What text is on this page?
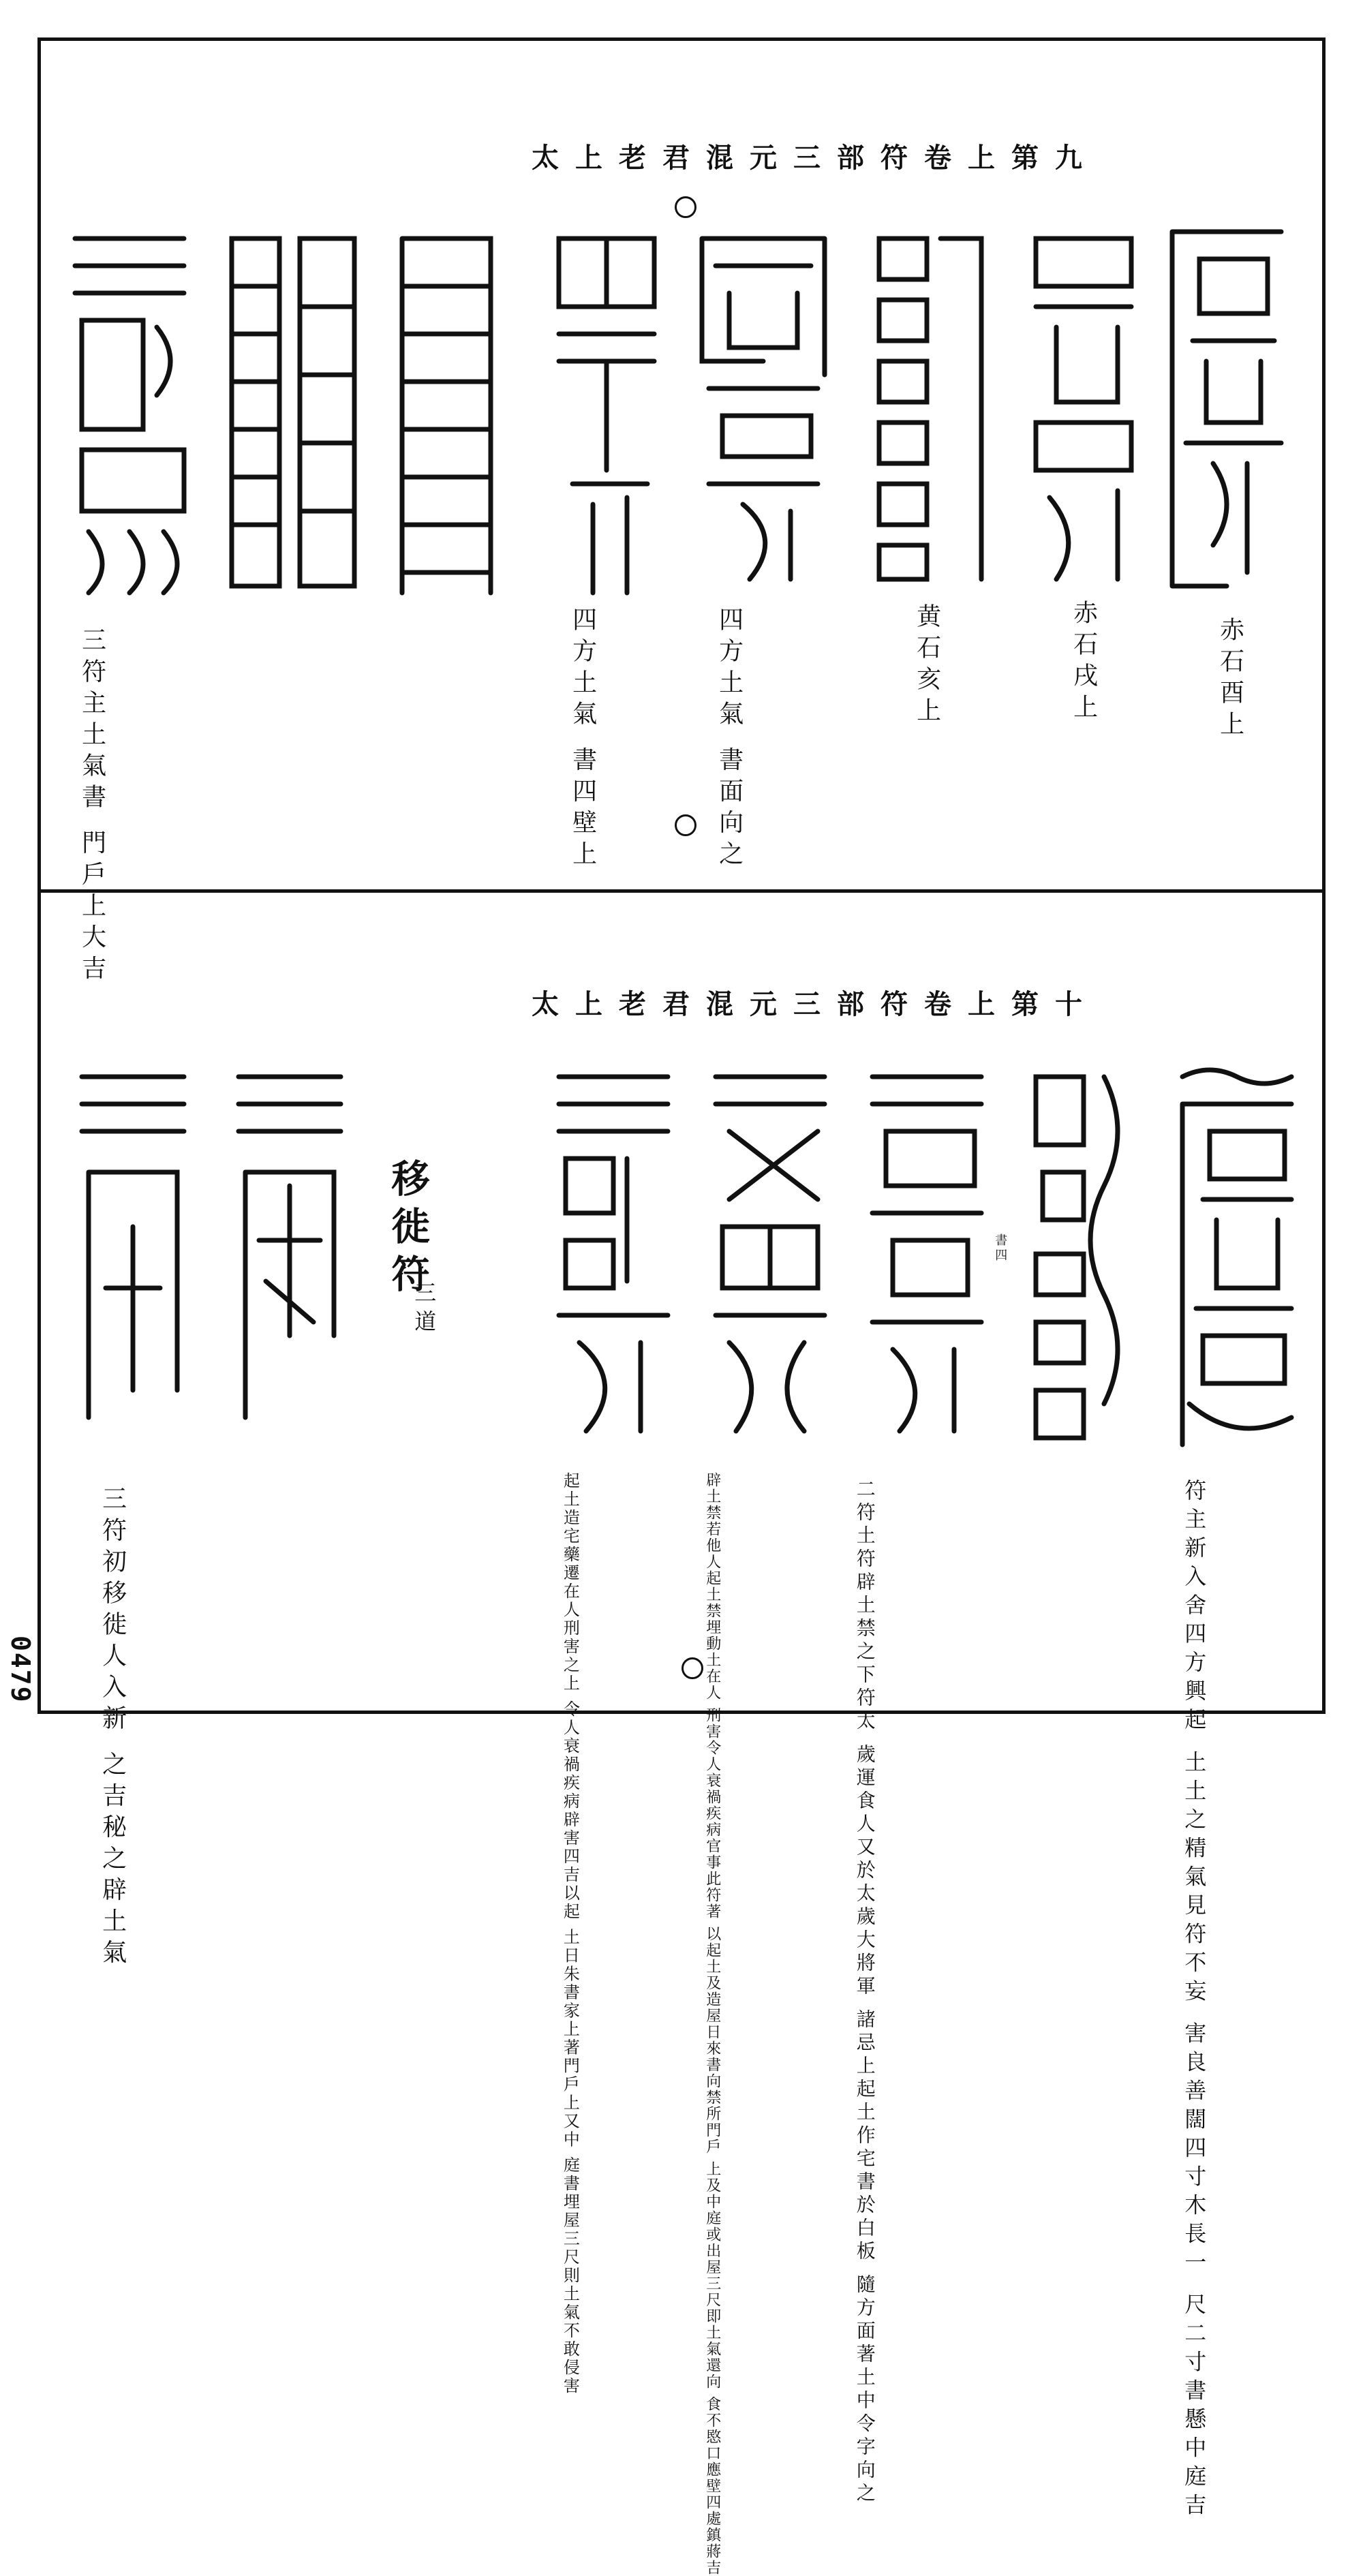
太上老君混元三部符卷上第九
赤石酉上
赤石戌上
黄石亥上
四方土氣 書面向之
四方土氣 書四壁上
三符主土氣書 門戶上大吉
太上老君混元三部符卷上第十
符主新入舍四方興起 土土之精氣見符不妄 害良善闊四寸木長一 尺二寸書懸中庭吉
書四
二符土符辟土禁之下符太 歲運食人又於太歲大將軍 諸忌上起土作宅書於白板 隨方面著土中令字向之
辟土禁若他人起土禁埋動土在人 刑害令人衰禍疾病官事此符著 以起土及造屋日來書向禁所門戶 上及中庭或出屋三尺即土氣還向 食不愍口應壁四處鎮蔣吉
起土造宅藥遷在人刑害之上 令人衰禍疾病辟害四吉以起 土日朱書家上著門戶上又中 庭書埋屋三尺則土氣不敢侵害
移徙符
三道
三符初移徙人入新 之吉秘之辟土氣
0479
